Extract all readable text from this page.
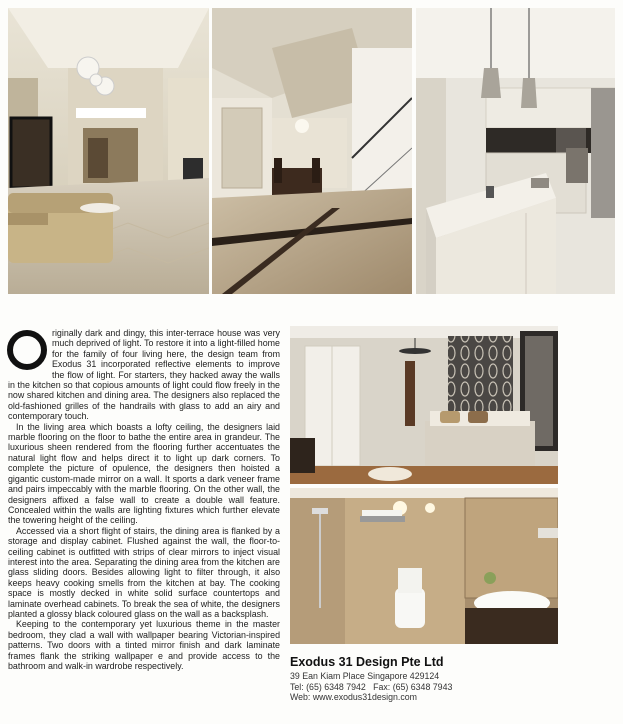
riginally dark and dingy, this inter-terrace house was very much deprived of light. To restore it into a light-filled home for the family of four living here, the design team from Exodus 31 incorporated reflective elements to improve the flow of light. For starters, they hacked away the walls in the kitchen so that copious amounts of light could flow freely in the now shared kitchen and dining area. The designers also replaced the old-fashioned grilles of the handrails with glass to add an airy and contemporary touch.

In the living area which boasts a lofty ceiling, the designers laid marble flooring on the floor to bathe the entire area in grandeur. The luxurious sheen rendered from the flooring further accentuates the natural light flow and helps direct it to light up dark corners. To complete the picture of opulence, the designers then hoisted a gigantic custom-made mirror on a wall. It sports a dark veneer frame and pairs impeccably with the marble flooring. On the other wall, the designers affixed a false wall to create a double wall feature. Concealed within the walls are lighting fixtures which further elevate the towering height of the ceiling.

Accessed via a short flight of stairs, the dining area is flanked by a storage and display cabinet. Flushed against the wall, the floor-to-ceiling cabinet is outfitted with strips of clear mirrors to inject visual interest into the area. Separating the dining area from the kitchen are glass sliding doors. Besides allowing light to filter through, it also keeps heavy cooking smells from the kitchen at bay. The cooking space is mostly decked in white solid surface countertops and laminate overhead cabinets. To break the sea of white, the designers planted a glossy black coloured glass on the wall as a backsplash.

Keeping to the contemporary yet luxurious theme in the master bedroom, they clad a wall with wallpaper bearing Victorian-inspired patterns. Two doors with a tinted mirror finish and dark laminate frames flank the striking wallpaper e and provide access to the bathroom and walk-in wardrobe respectively.	Exodus 31 Design Pte Ltd
39 Ean Kiam Place Singapore 429124
Tel: (65) 6348 7942   Fax: (65) 6348 7943
Web: www.exodus31design.com
